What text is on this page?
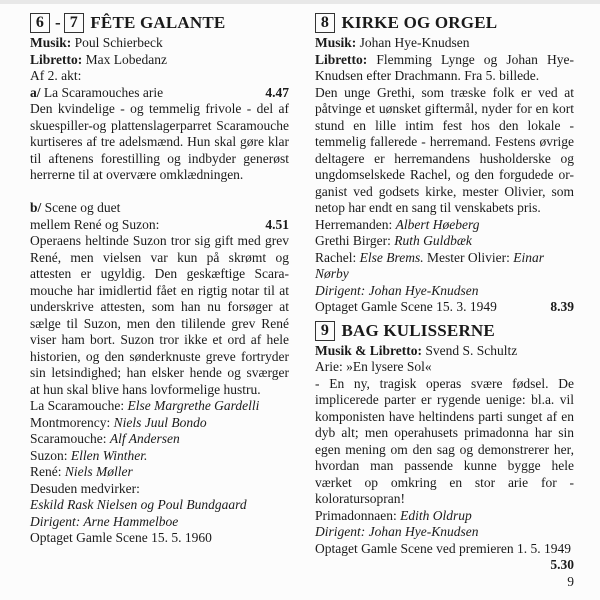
6 - 7 FÊTE GALANTE
Musik: Poul Schierbeck
Libretto: Max Lobedanz
Af 2. akt:
a/ La Scaramouches arie	4.47
Den kvindelige - og temmelig frivole - del af
skuespiller-og plattenslagerparret Scaramouche
kurtiseres af tre adelsmænd. Hun skal gøre klar
til aftenens forestilling og indbyder generøst
herrerne til at overvære omklædningen.
b/ Scene og duet
mellem René og Suzon:	4.51
Operaens heltinde Suzon tror sig gift med grev
René, men vielsen var kun på skrømt og
attesten er ugyldig. Den geskæftige Scara-
mouche har imidlertid fået en rigtig notar til at
underskrive attesten, som han nu forsøger at
sælge til Suzon, men den tililende grev René
viser ham bort. Suzon tror ikke et ord af hele
historien, og den sønderknuste greve fortryder
sin letsindighed; han elsker hende og sværger
at hun skal blive hans lovformelige hustru.
La Scaramouche: Else Margrethe Gardelli
Montmorency: Niels Juul Bondo
Scaramouche: Alf Andersen
Suzon: Ellen Winther.
René: Niels Møller
Desuden medvirker:
Eskild Rask Nielsen og Poul Bundgaard
Dirigent: Arne Hammelboe
Optaget Gamle Scene 15. 5. 1960
8 KIRKE OG ORGEL
Musik: Johan Hye-Knudsen
Libretto: Flemming Lynge og Johan Hye-
Knudsen efter Drachmann. Fra 5. billede.
Den unge Grethi, som træske folk er ved at
påtvinge et uønsket giftermål, nyder for en kort
stund en lille intim fest hos den lokale -
temmelig fallerede - herremand. Festens øvrige
deltagere er herremandens husholderske og
ungdomselskede Rachel, og den forgudede or-
ganist ved godsets kirke, mester Olivier, som
netop har endt en sang til venskabets pris.
Herremanden: Albert Høeberg
Grethi Birger: Ruth Guldbæk
Rachel: Else Brems. Mester Olivier: Einar Nørby
Dirigent: Johan Hye-Knudsen
Optaget Gamle Scene 15. 3. 1949	8.39
9 BAG KULISSERNE
Musik & Libretto: Svend S. Schultz
Arie: »En lysere Sol«
- En ny, tragisk operas svære fødsel. De
implicerede parter er rygende uenige: bl.a. vil
komponisten have heltindens parti sunget af en
dyb alt; men operahusets primadonna har sin
egen mening om den sag og demonstrerer her,
hvordan man passende kunne bygge hele
værket op omkring en stor arie for -
koloratursopran!
Primadonnaen: Edith Oldrup
Dirigent: Johan Hye-Knudsen
Optaget Gamle Scene ved premieren 1. 5. 1949
5.30
9
